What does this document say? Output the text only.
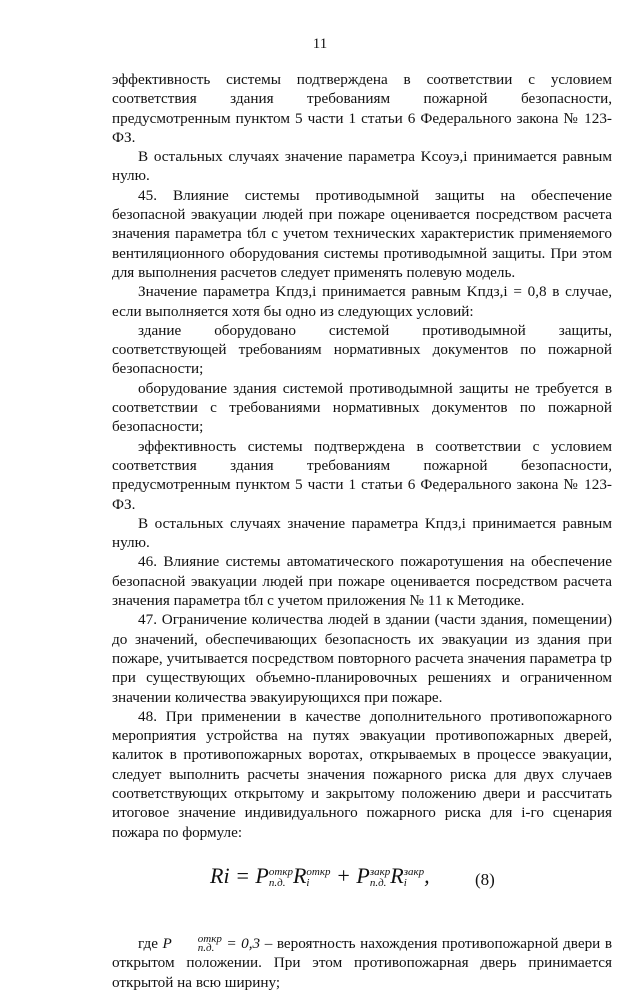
11

эффективность системы подтверждена в соответствии с условием соответствия здания требованиям пожарной безопасности, предусмотренным пунктом 5 части 1 статьи 6 Федерального закона № 123-ФЗ.

В остальных случаях значение параметра Kсоуэ,i принимается равным нулю.

45. Влияние системы противодымной защиты на обеспечение безопасной эвакуации людей при пожаре оценивается посредством расчета значения параметра tбл с учетом технических характеристик применяемого вентиляционного оборудования системы противодымной защиты. При этом для выполнения расчетов следует применять полевую модель.

Значение параметра Kпдз,i принимается равным Kпдз,i = 0,8 в случае, если выполняется хотя бы одно из следующих условий:

здание оборудовано системой противодымной защиты, соответствующей требованиям нормативных документов по пожарной безопасности;

оборудование здания системой противодымной защиты не требуется в соответствии с требованиями нормативных документов по пожарной безопасности;

эффективность системы подтверждена в соответствии с условием соответствия здания требованиям пожарной безопасности, предусмотренным пунктом 5 части 1 статьи 6 Федерального закона № 123-ФЗ.

В остальных случаях значение параметра Kпдз,i принимается равным нулю.

46. Влияние системы автоматического пожаротушения на обеспечение безопасной эвакуации людей при пожаре оценивается посредством расчета значения параметра tбл с учетом приложения № 11 к Методике.

47. Ограничение количества людей в здании (части здания, помещении) до значений, обеспечивающих безопасность их эвакуации из здания при пожаре, учитывается посредством повторного расчета значения параметра tр при существующих объемно-планировочных решениях и ограниченном значении количества эвакуирующихся при пожаре.

48. При применении в качестве дополнительного противопожарного мероприятия устройства на путях эвакуации противопожарных дверей, калиток в противопожарных воротах, открываемых в процессе эвакуации, следует выполнить расчеты значения пожарного риска для двух случаев соответствующих открытому и закрытому положению двери и рассчитать итоговое значение индивидуального пожарного риска для i-го сценария пожара по формуле:

Ri = P откр
п.д. R откр
i	+ P закр
п.д. R закр
i ,	(8)

где P	откр
п.д. = 0,3 – вероятность нахождения противопожарной двери в открытом положении. При этом противопожарная дверь принимается открытой на всю ширину;
